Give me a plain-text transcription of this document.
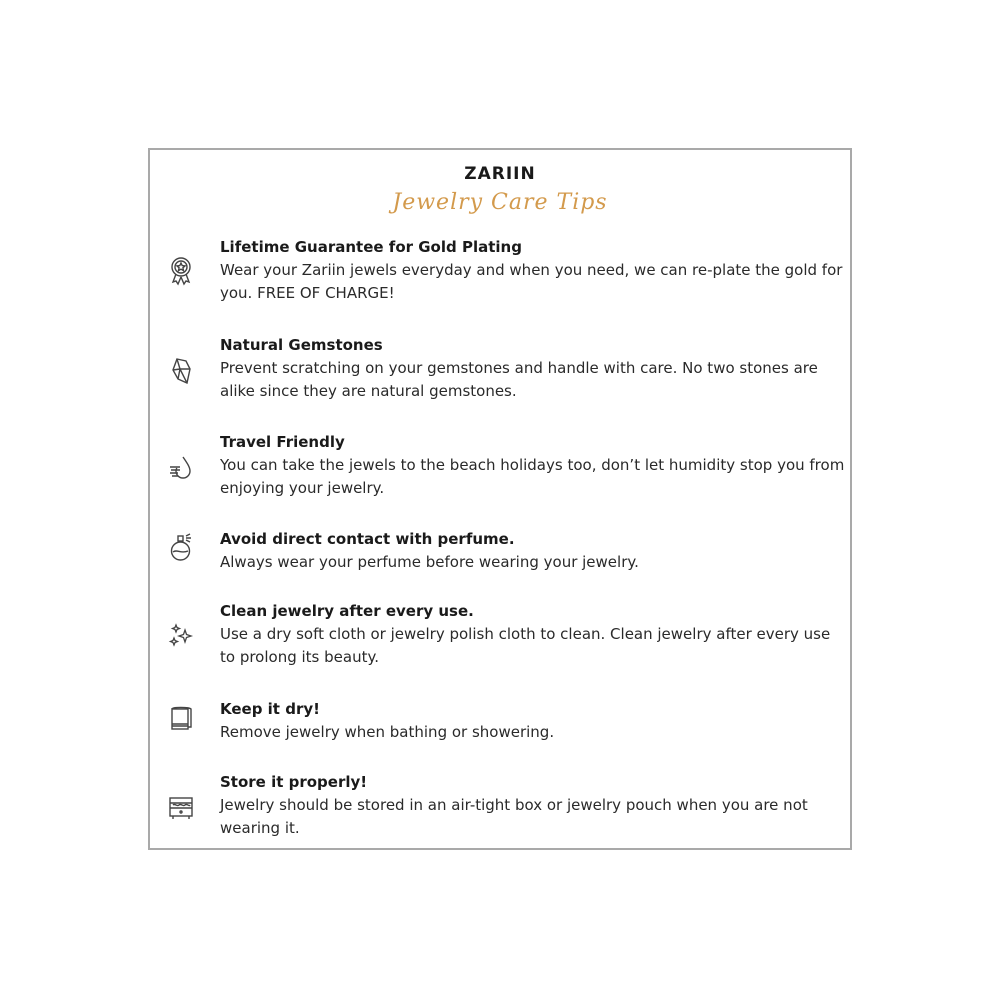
ZARIIN
Jewelry Care Tips
Lifetime Guarantee for Gold Plating
Wear your Zariin jewels everyday and when you need, we can re-plate the gold for you. FREE OF CHARGE!
Natural Gemstones
Prevent scratching on your gemstones and handle with care. No two stones are alike since they are natural gemstones.
Travel Friendly
You can take the jewels to the beach holidays too, don’t let humidity stop you from enjoying your jewelry.
Avoid direct contact with perfume.
Always wear your perfume before wearing your jewelry.
Clean jewelry after every use.
Use a dry soft cloth or jewelry polish cloth to clean. Clean jewelry after every use to prolong its beauty.
Keep it dry!
Remove jewelry when bathing or showering.
Store it properly!
Jewelry should be stored in an air-tight box or jewelry pouch when you are not wearing it.
